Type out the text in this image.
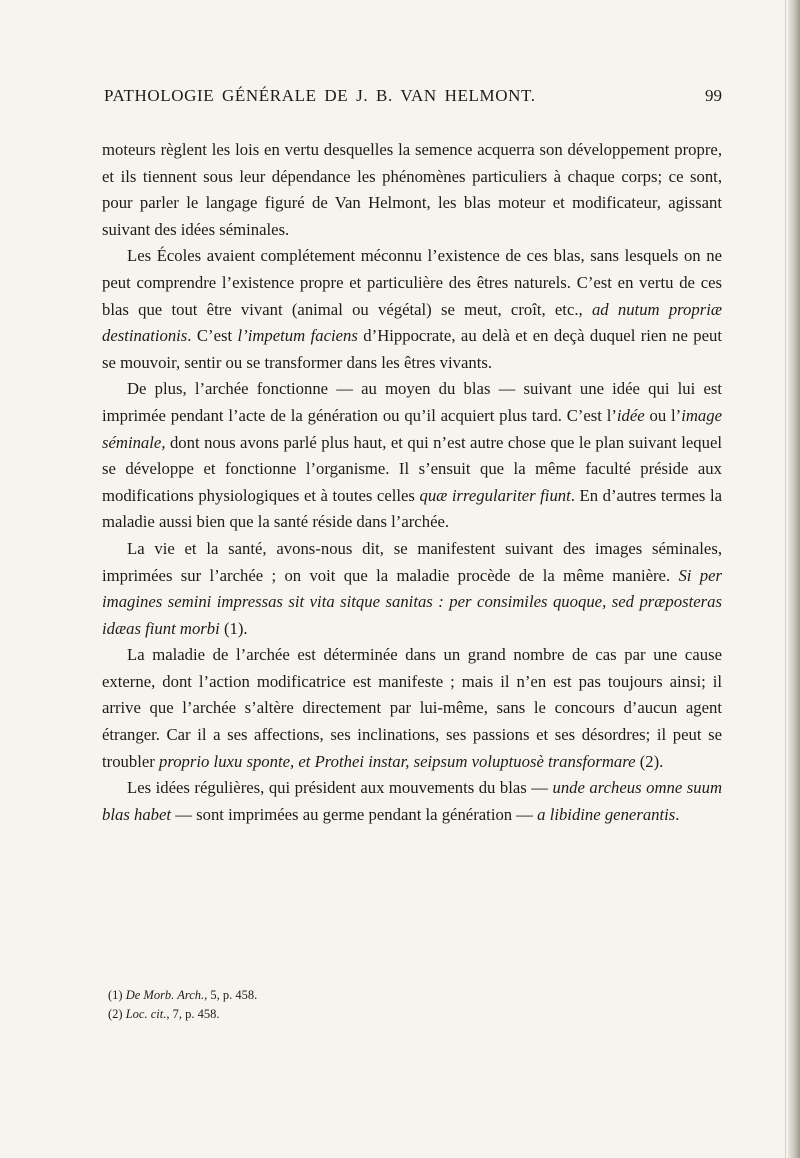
PATHOLOGIE GÉNÉRALE DE J. B. VAN HELMONT.	99

moteurs règlent les lois en vertu desquelles la semence acquerra son développement propre, et ils tiennent sous leur dépendance les phénomènes particuliers à chaque corps; ce sont, pour parler le langage figuré de Van Helmont, les blas moteur et modificateur, agissant suivant des idées séminales.

Les Écoles avaient complétement méconnu l’existence de ces blas, sans lesquels on ne peut comprendre l’existence propre et particulière des êtres naturels. C’est en vertu de ces blas que tout être vivant (animal ou végétal) se meut, croît, etc., ad nutum propriæ destinationis. C’est l’impetum faciens d’Hippocrate, au delà et en deçà duquel rien ne peut se mouvoir, sentir ou se transformer dans les êtres vivants.

De plus, l’archée fonctionne — au moyen du blas — suivant une idée qui lui est imprimée pendant l’acte de la génération ou qu’il acquiert plus tard. C’est l’idée ou l’image séminale, dont nous avons parlé plus haut, et qui n’est autre chose que le plan suivant lequel se développe et fonctionne l’organisme. Il s’ensuit que la même faculté préside aux modifications physiologiques et à toutes celles quæ irregulariter fiunt. En d’autres termes la maladie aussi bien que la santé réside dans l’archée.

La vie et la santé, avons-nous dit, se manifestent suivant des images séminales, imprimées sur l’archée ; on voit que la maladie procède de la même manière. Si per imagines semini impressas sit vita sitque sanitas : per consimiles quoque, sed præposteras idæas fiunt morbi (1).

La maladie de l’archée est déterminée dans un grand nombre de cas par une cause externe, dont l’action modificatrice est manifeste ; mais il n’en est pas toujours ainsi; il arrive que l’archée s’altère directement par lui-même, sans le concours d’aucun agent étranger. Car il a ses affections, ses inclinations, ses passions et ses désordres; il peut se troubler proprio luxu sponte, et Prothei instar, seipsum voluptuosè transformare (2).

Les idées régulières, qui président aux mouvements du blas — unde archeus omne suum blas habet — sont imprimées au germe pendant la génération — a libidine generantis.

(1) De Morb. Arch., 5, p. 458.
(2) Loc. cit., 7, p. 458.
